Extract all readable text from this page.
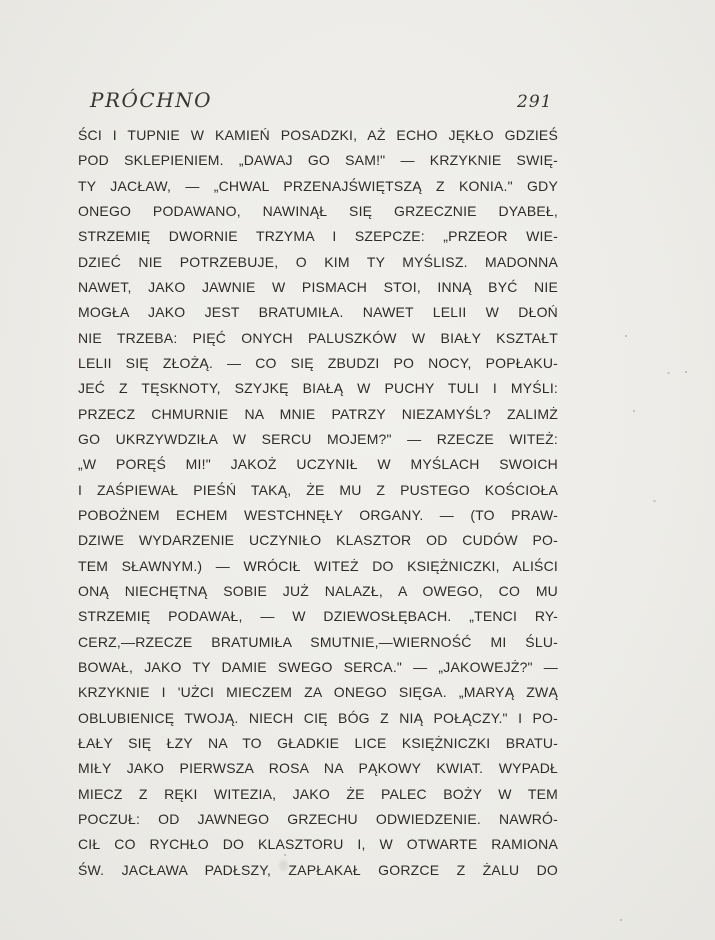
PRÓCHNO	291
ŚCI I TUPNIE W KAMIEŃ POSADZKI, AŻ ECHO JĘKŁO GDZIEŚ
POD SKLEPIENIEM. „DAWAJ GO SAM!" — KRZYKNIE SWIĘ-
TY JACŁAW, — „CHWAL PRZENAJŚWIĘTSZĄ Z KONIA." GDY
ONEGO PODAWANO, NAWINĄŁ SIĘ GRZECZNIE DYABEŁ,
STRZEMIĘ DWORNIE TRZYMA I SZEPCZE: „PRZEOR WIE-
DZIEĆ NIE POTRZEBUJE, O KIM TY MYŚLISZ. MADONNA
NAWET, JAKO JAWNIE W PISMACH STOI, INNĄ BYĆ NIE
MOGŁA JAKO JEST BRATUMIŁA. NAWET LELII W DŁOŃ
NIE TRZEBA: PIĘĆ ONYCH PALUSZKÓW W BIAŁY KSZTAŁT
LELII SIĘ ZŁOŻĄ. — CO SIĘ ZBUDZI PO NOCY, POPŁAKU-
JEĆ Z TĘSKNOTY, SZYJKĘ BIAŁĄ W PUCHY TULI I MYŚLI:
PRZECZ CHMURNIE NA MNIE PATRZY NIEZAMYŚL? ZALIMŻ
GO UKRZYWDZIŁA W SERCU MOJEM?" — RZECZE WITEŻ:
„W PORĘŚ MI!" JAKOŻ UCZYNIŁ W MYŚLACH SWOICH
I ZAŚPIEWAŁ PIEŚŃ TAKĄ, ŻE MU Z PUSTEGO KOŚCIOŁA
POBOŻNEM ECHEM WESTCHNĘŁY ORGANY. — (TO PRAW-
DZIWE WYDARZENIE UCZYNIŁO KLASZTOR OD CUDÓW PO-
TEM SŁAWNYM.) — WRÓCIŁ WITEŻ DO KSIĘŻNICZKI, ALIŚCI
ONĄ NIECHĘTNĄ SOBIE JUŻ NALAZŁ, A OWEGO, CO MU
STRZEMIĘ PODAWAŁ, — W DZIEWOSŁĘBACH. „TENCI RY-
CERZ,—RZECZE BRATUMIŁA SMUTNIE,—WIERNOŚĆ MI ŚLU-
BOWAŁ, JAKO TY DAMIE SWEGO SERCA." — „JAKOWEJŻ?" —
KRZYKNIE I 'UŻCI MIECZEM ZA ONEGO SIĘGA. „MARYĄ ZWĄ
OBLUBIENICĘ TWOJĄ. NIECH CIĘ BÓG Z NIĄ POŁĄCZY." I PO-
ŁAŁY SIĘ ŁZY NA TO GŁADKIE LICE KSIĘŻNICZKI BRATU-
MIŁY JAKO PIERWSZA ROSA NA PĄKOWY KWIAT. WYPADŁ
MIECZ Z RĘKI WITEZIA, JAKO ŻE PALEC BOŻY W TEM
POCZUŁ: OD JAWNEGO GRZECHU ODWIEDZENIE. NAWRÓ-
CIŁ CO RYCHŁO DO KLASZTORU I, W OTWARTE RAMIONA
ŚW. JACŁAWA PADŁSZY, ZAPŁAKAŁ GORZCE Z ŻALU DO
